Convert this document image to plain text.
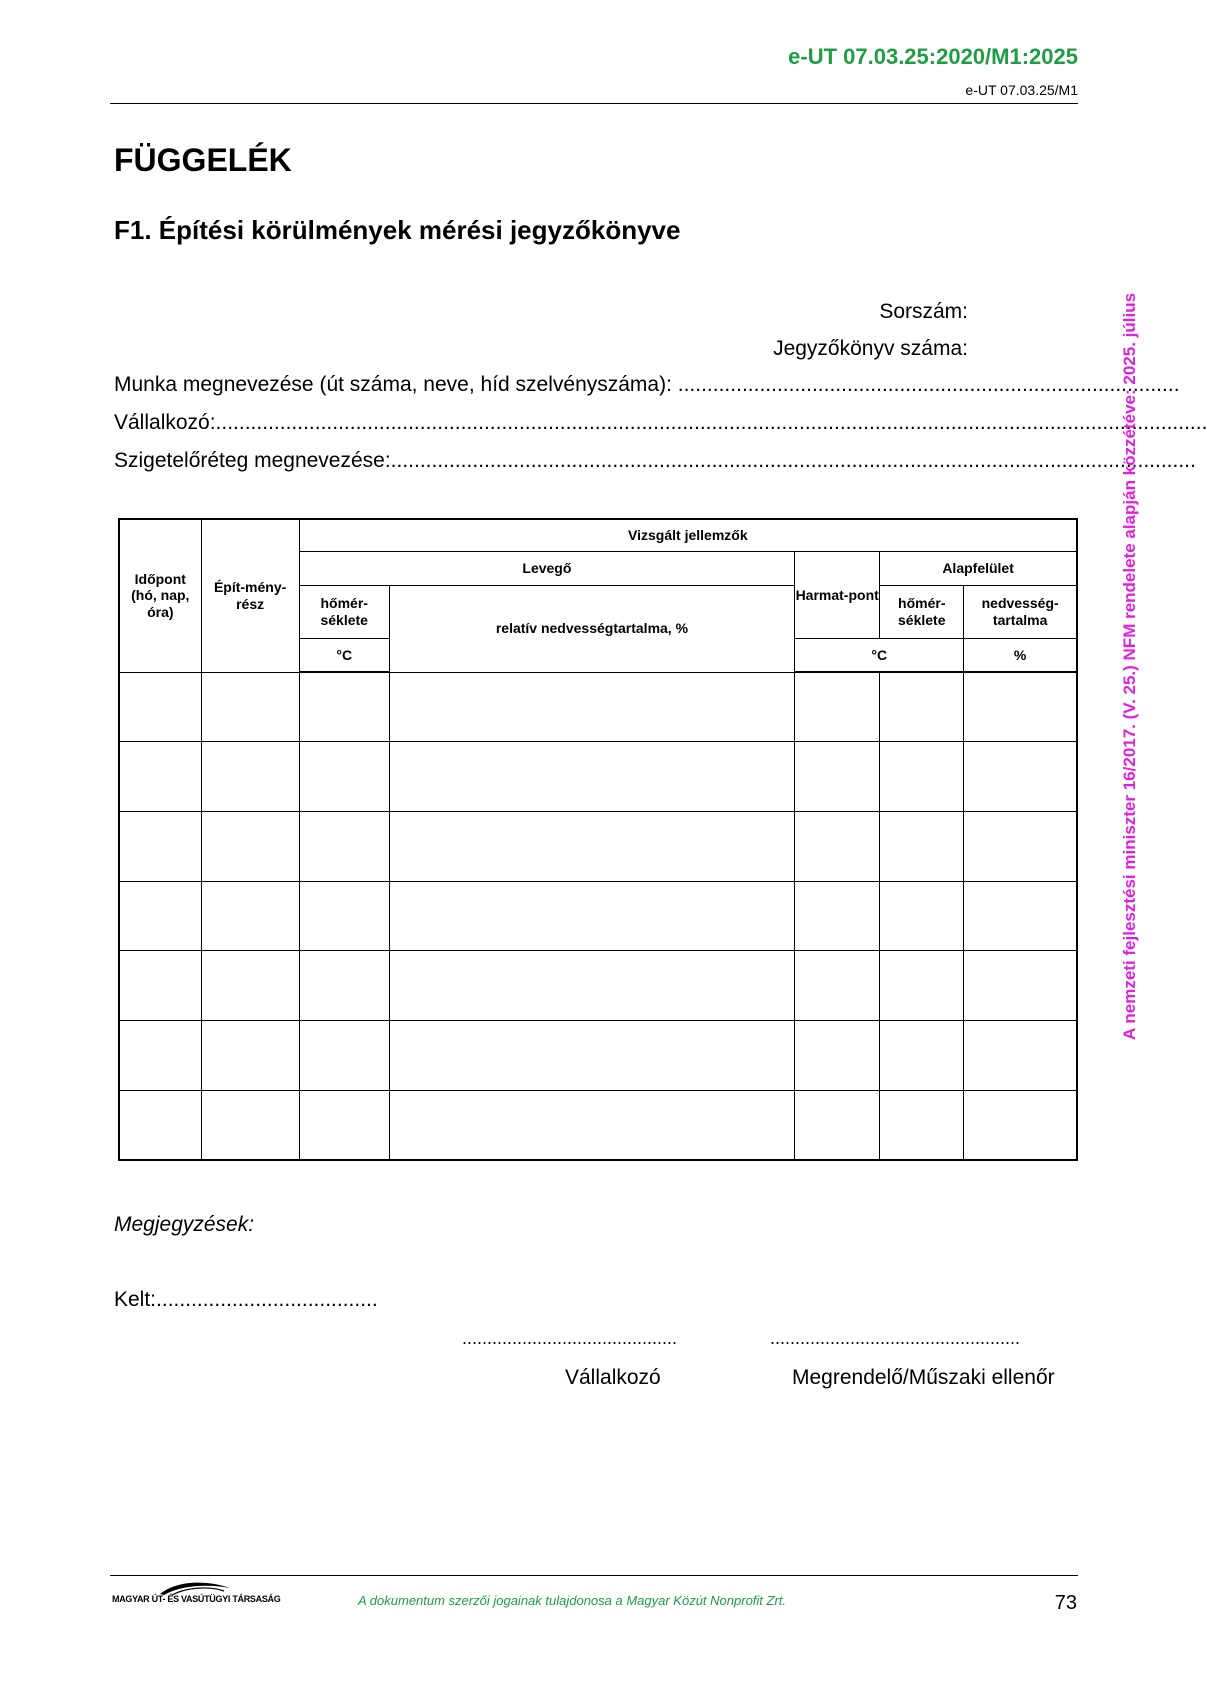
e-UT 07.03.25:2020/M1:2025
e-UT 07.03.25/M1
FÜGGELÉK
F1. Építési körülmények mérési jegyzőkönyve
Sorszám:
Jegyzőkönyv száma:
Munka megnevezése (út száma, neve, híd szelvényszáma): ......................................................................................
Vállalkozó:..........................................................................................................................................................................
Szigetelőréteg megnevezése:..........................................................................................................................................
Időpont (hó, nap, óra)	Épít-mény-rész	Vizsgált jellemzők				
		Levegő		Harmat-pont	Alapfelület	
		hőmér-séklete	relatív nedvességtartalma, %		hőmér-séklete	nedvesség-tartalma
		°C		°C		%

Megjegyzések:
Kelt:......................................
...........................................	..................................................
Vállalkozó	Megrendelő/Műszaki ellenőr
A nemzeti fejlesztési miniszter 16/2017. (V. 25.) NFM rendelete alapján közzétéve: 2025. július
MAGYAR ÚT- ÉS VASÚTÜGYI TÁRSASÁG	A dokumentum szerzői jogainak tulajdonosa a Magyar Közút Nonprofit Zrt.	73
